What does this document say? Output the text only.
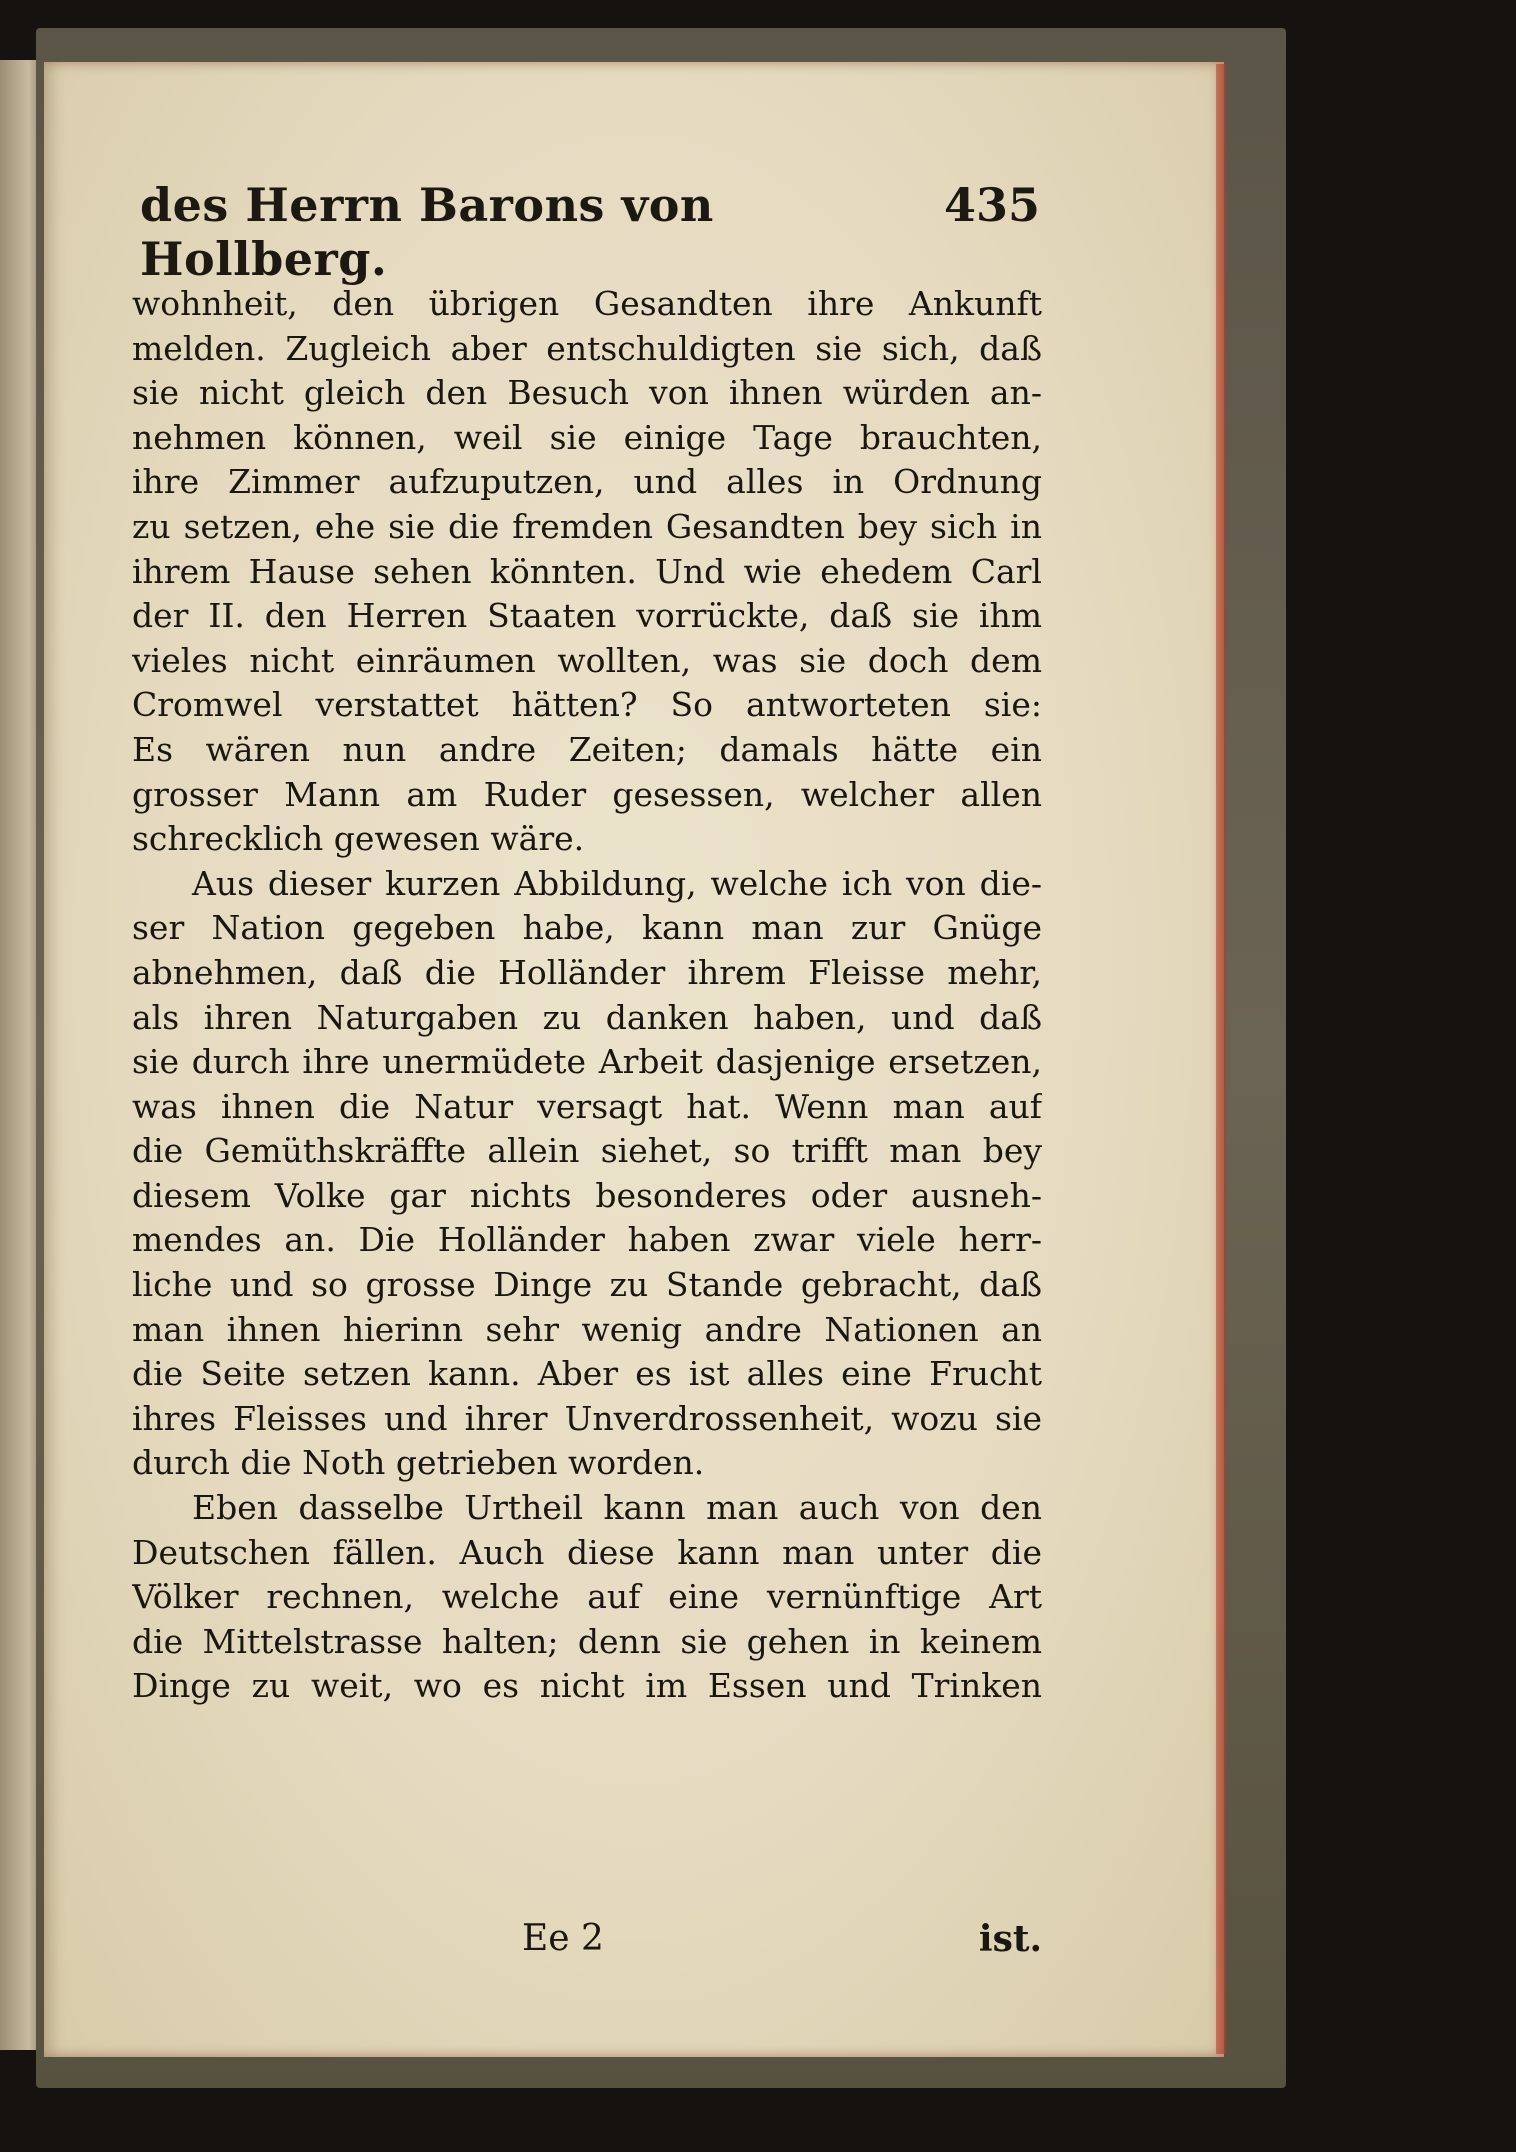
des Herrn Barons von Hollberg.
435
wohnheit, den übrigen Gesandten ihre Ankunft
melden. Zugleich aber entschuldigten sie sich, daß
sie nicht gleich den Besuch von ihnen würden an-
nehmen können, weil sie einige Tage brauchten,
ihre Zimmer aufzuputzen, und alles in Ordnung
zu setzen, ehe sie die fremden Gesandten bey sich in
ihrem Hause sehen könnten. Und wie ehedem Carl
der II. den Herren Staaten vorrückte, daß sie ihm
vieles nicht einräumen wollten, was sie doch dem
Cromwel verstattet hätten? So antworteten sie:
Es wären nun andre Zeiten; damals hätte ein
grosser Mann am Ruder gesessen, welcher allen
schrecklich gewesen wäre.
Aus dieser kurzen Abbildung, welche ich von die-
ser Nation gegeben habe, kann man zur Gnüge
abnehmen, daß die Holländer ihrem Fleisse mehr,
als ihren Naturgaben zu danken haben, und daß
sie durch ihre unermüdete Arbeit dasjenige ersetzen,
was ihnen die Natur versagt hat. Wenn man auf
die Gemüthskräffte allein siehet, so trifft man bey
diesem Volke gar nichts besonderes oder ausneh-
mendes an. Die Holländer haben zwar viele herr-
liche und so grosse Dinge zu Stande gebracht, daß
man ihnen hierinn sehr wenig andre Nationen an
die Seite setzen kann. Aber es ist alles eine Frucht
ihres Fleisses und ihrer Unverdrossenheit, wozu sie
durch die Noth getrieben worden.
Eben dasselbe Urtheil kann man auch von den
Deutschen fällen. Auch diese kann man unter die
Völker rechnen, welche auf eine vernünftige Art
die Mittelstrasse halten; denn sie gehen in keinem
Dinge zu weit, wo es nicht im Essen und Trinken
Ee 2	ist.
